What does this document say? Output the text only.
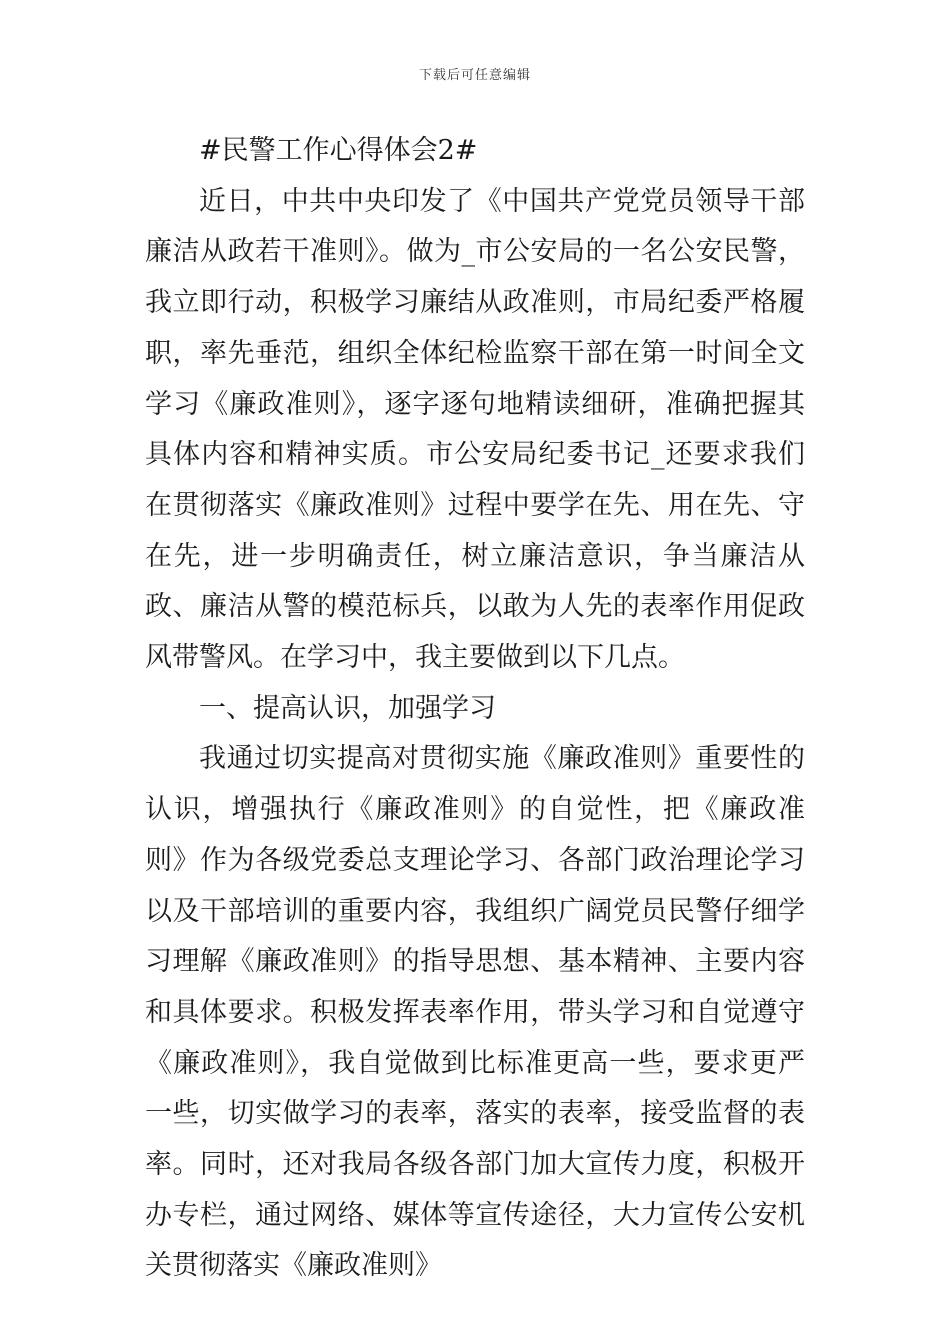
下载后可任意编辑

#民警工作心得体会2#

近日，中共中央印发了《中国共产党党员领导干部廉洁从政若干准则》。做为_市公安局的一名公安民警，我立即行动，积极学习廉结从政准则，市局纪委严格履职，率先垂范，组织全体纪检监察干部在第一时间全文学习《廉政准则》，逐字逐句地精读细研，准确把握其具体内容和精神实质。市公安局纪委书记_还要求我们在贯彻落实《廉政准则》过程中要学在先、用在先、守在先，进一步明确责任，树立廉洁意识，争当廉洁从政、廉洁从警的模范标兵，以敢为人先的表率作用促政风带警风。在学习中，我主要做到以下几点。

一、提高认识，加强学习

我通过切实提高对贯彻实施《廉政准则》重要性的认识，增强执行《廉政准则》的自觉性，把《廉政准则》作为各级党委总支理论学习、各部门政治理论学习以及干部培训的重要内容，我组织广阔党员民警仔细学习理解《廉政准则》的指导思想、基本精神、主要内容和具体要求。积极发挥表率作用，带头学习和自觉遵守《廉政准则》，我自觉做到比标准更高一些，要求更严一些，切实做学习的表率，落实的表率，接受监督的表率。同时，还对我局各级各部门加大宣传力度，积极开办专栏，通过网络、媒体等宣传途径，大力宣传公安机关贯彻落实《廉政准则》
